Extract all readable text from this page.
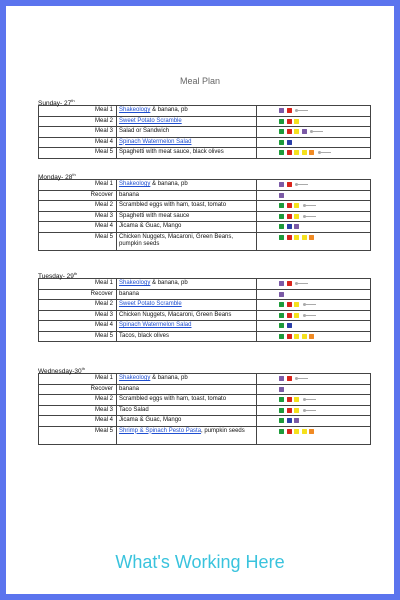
Meal Plan
Sunday- 27th
Meal 1	Shakeology & banana, pb	
Meal 2	Sweet Potato Scramble	
Meal 3	Salad or Sandwich	
Meal 4	Spinach Watermelon Salad	
Meal 5	Spaghetti with meat sauce, black olives	
Monday- 28th
Meal 1	Shakeology & banana, pb	
Recover	banana	
Meal 2	Scrambled eggs with ham, toast, tomato	
Meal 3	Spaghetti with meat sauce	
Meal 4	Jicama & Guac, Mango	
Meal 5	Chicken Nuggets, Macaroni, Green Beans, pumpkin seeds	
Tuesday- 29th
Meal 1	Shakeology & banana, pb	
Recover	banana	
Meal 2	Sweet Potato Scramble	
Meal 3	Chicken Nuggets, Macaroni, Green Beans	
Meal 4	Spinach Watermelon Salad	
Meal 5	Tacos, black olives	
Wednesday-30th
Meal 1	Shakeology & banana, pb	
Recover	banana	
Meal 2	Scrambled eggs with ham, toast, tomato	
Meal 3	Taco Salad	
Meal 4	Jicama & Guac, Mango	
Meal 5	Shrimp & Spinach Pesto Pasta, pumpkin seeds	
What's Working Here
